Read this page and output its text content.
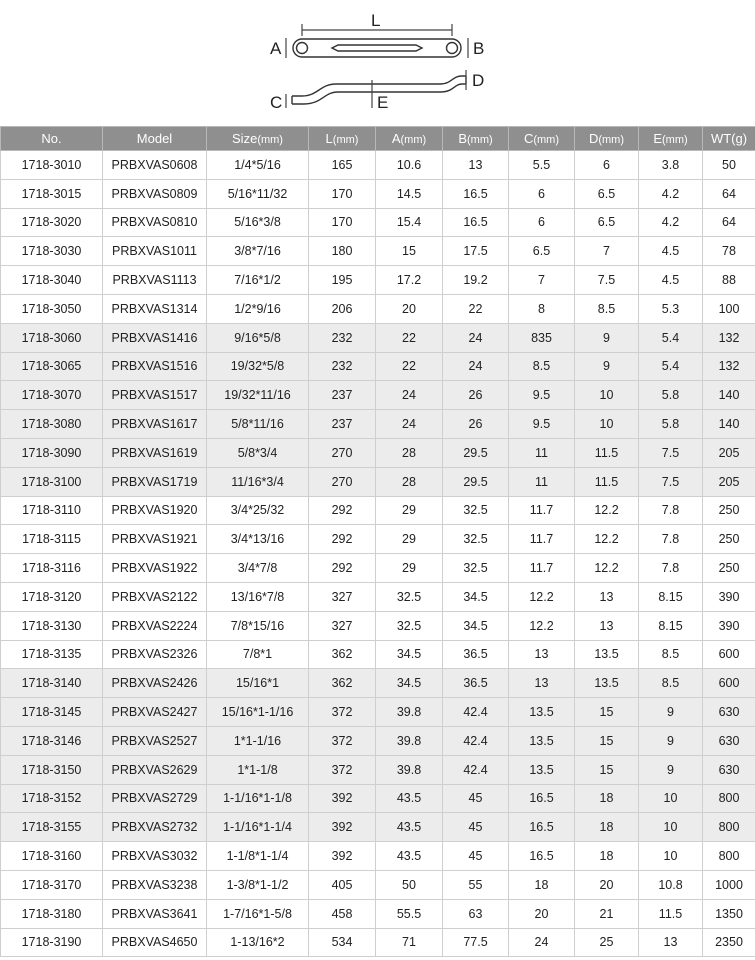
L
A	B
D
C	E
No.	Model	Size(mm)	L(mm)	A(mm)	B(mm)	C(mm)	D(mm)	E(mm)	WT(g)
1718-3010	PRBXVAS0608	1/4*5/16	165	10.6	13	5.5	6	3.8	50
1718-3015	PRBXVAS0809	5/16*11/32	170	14.5	16.5	6	6.5	4.2	64
1718-3020	PRBXVAS0810	5/16*3/8	170	15.4	16.5	6	6.5	4.2	64
1718-3030	PRBXVAS1011	3/8*7/16	180	15	17.5	6.5	7	4.5	78
1718-3040	PRBXVAS1113	7/16*1/2	195	17.2	19.2	7	7.5	4.5	88
1718-3050	PRBXVAS1314	1/2*9/16	206	20	22	8	8.5	5.3	100
1718-3060	PRBXVAS1416	9/16*5/8	232	22	24	835	9	5.4	132
1718-3065	PRBXVAS1516	19/32*5/8	232	22	24	8.5	9	5.4	132
1718-3070	PRBXVAS1517	19/32*11/16	237	24	26	9.5	10	5.8	140
1718-3080	PRBXVAS1617	5/8*11/16	237	24	26	9.5	10	5.8	140
1718-3090	PRBXVAS1619	5/8*3/4	270	28	29.5	11	11.5	7.5	205
1718-3100	PRBXVAS1719	11/16*3/4	270	28	29.5	11	11.5	7.5	205
1718-3110	PRBXVAS1920	3/4*25/32	292	29	32.5	11.7	12.2	7.8	250
1718-3115	PRBXVAS1921	3/4*13/16	292	29	32.5	11.7	12.2	7.8	250
1718-3116	PRBXVAS1922	3/4*7/8	292	29	32.5	11.7	12.2	7.8	250
1718-3120	PRBXVAS2122	13/16*7/8	327	32.5	34.5	12.2	13	8.15	390
1718-3130	PRBXVAS2224	7/8*15/16	327	32.5	34.5	12.2	13	8.15	390
1718-3135	PRBXVAS2326	7/8*1	362	34.5	36.5	13	13.5	8.5	600
1718-3140	PRBXVAS2426	15/16*1	362	34.5	36.5	13	13.5	8.5	600
1718-3145	PRBXVAS2427	15/16*1-1/16	372	39.8	42.4	13.5	15	9	630
1718-3146	PRBXVAS2527	1*1-1/16	372	39.8	42.4	13.5	15	9	630
1718-3150	PRBXVAS2629	1*1-1/8	372	39.8	42.4	13.5	15	9	630
1718-3152	PRBXVAS2729	1-1/16*1-1/8	392	43.5	45	16.5	18	10	800
1718-3155	PRBXVAS2732	1-1/16*1-1/4	392	43.5	45	16.5	18	10	800
1718-3160	PRBXVAS3032	1-1/8*1-1/4	392	43.5	45	16.5	18	10	800
1718-3170	PRBXVAS3238	1-3/8*1-1/2	405	50	55	18	20	10.8	1000
1718-3180	PRBXVAS3641	1-7/16*1-5/8	458	55.5	63	20	21	11.5	1350
1718-3190	PRBXVAS4650	1-13/16*2	534	71	77.5	24	25	13	2350
